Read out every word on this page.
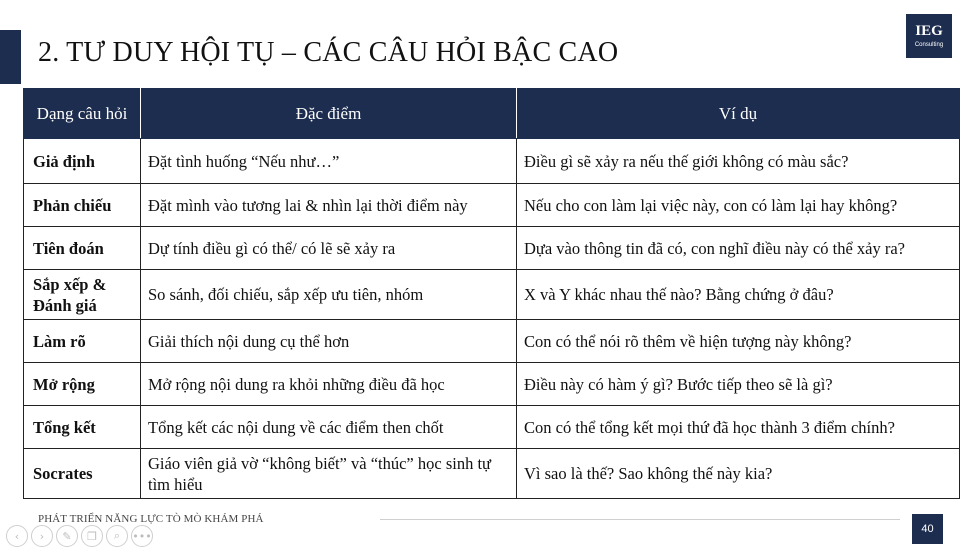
2. TƯ DUY HỘI TỤ – CÁC CÂU HỎI BẬC CAO
IEG
Consulting
Dạng câu hỏi	Đặc điểm	Ví dụ
Giả định	Đặt tình huống “Nếu như…”	Điều gì sẽ xảy ra nếu thế giới không có màu sắc?
Phản chiếu	Đặt mình vào tương lai & nhìn lại thời điểm này	Nếu cho con làm lại việc này, con có làm lại hay không?
Tiên đoán	Dự tính điều gì có thể/ có lẽ sẽ xảy ra	Dựa vào thông tin đã có, con nghĩ điều này có thể xảy ra?
Sắp xếp & Đánh giá	So sánh, đối chiếu, sắp xếp ưu tiên, nhóm	X và Y khác nhau thế nào? Bằng chứng ở đâu?
Làm rõ	Giải thích nội dung cụ thể hơn	Con có thể nói rõ thêm về hiện tượng này không?
Mở rộng	Mở rộng nội dung ra khỏi những điều đã học	Điều này có hàm ý gì? Bước tiếp theo sẽ là gì?
Tổng kết	Tổng kết các nội dung về các điểm then chốt	Con có thể tổng kết mọi thứ đã học thành 3 điểm chính?
Socrates	Giáo viên giả vờ “không biết” và “thúc” học sinh tự tìm hiểu	Vì sao là thế? Sao không thế này kia?
PHÁT TRIỂN NĂNG LỰC TÒ MÒ KHÁM PHÁ
40
‹	›	✎	❐	⌕	•••
